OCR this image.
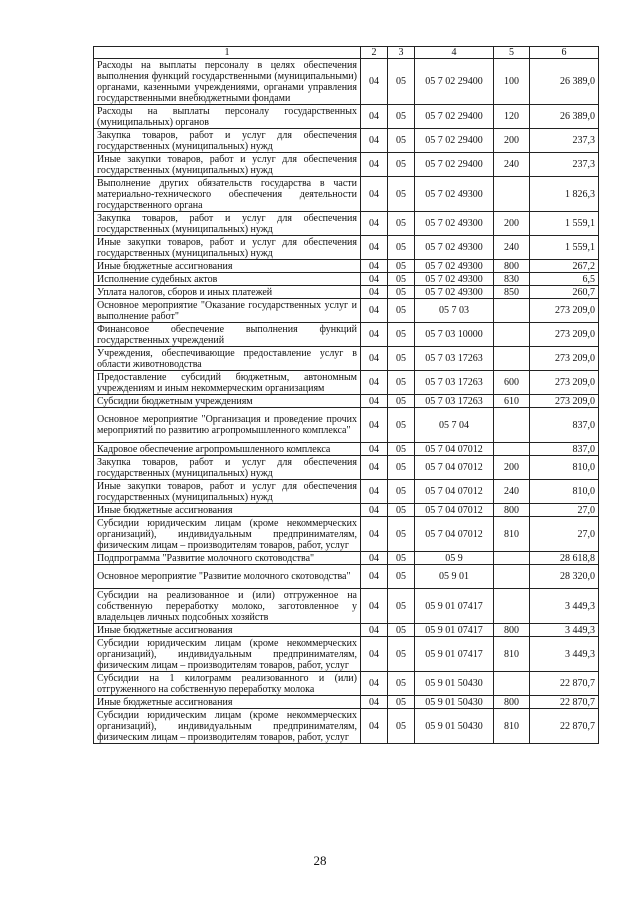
1	2	3	4	5	6
Расходы на выплаты персоналу в целях обеспечения выполнения функций государственными (муниципальными) органами, казенными учреждениями, органами управления государственными внебюджетными фондами	04	05	05 7 02 29400	100	26 389,0
Расходы на выплаты персоналу государственных (муниципальных) органов	04	05	05 7 02 29400	120	26 389,0
Закупка товаров, работ и услуг для обеспечения государственных (муниципальных) нужд	04	05	05 7 02 29400	200	237,3
Иные закупки товаров, работ и услуг для обеспечения государственных (муниципальных) нужд	04	05	05 7 02 29400	240	237,3
Выполнение других обязательств государства в части материально-технического обеспечения деятельности государственного органа	04	05	05 7 02 49300		1 826,3
Закупка товаров, работ и услуг для обеспечения государственных (муниципальных) нужд	04	05	05 7 02 49300	200	1 559,1
Иные закупки товаров, работ и услуг для обеспечения государственных (муниципальных) нужд	04	05	05 7 02 49300	240	1 559,1
Иные бюджетные ассигнования	04	05	05 7 02 49300	800	267,2
Исполнение судебных актов	04	05	05 7 02 49300	830	6,5
Уплата налогов, сборов и иных платежей	04	05	05 7 02 49300	850	260,7
Основное мероприятие "Оказание государственных услуг и выполнение работ"	04	05	05 7 03		273 209,0
Финансовое обеспечение выполнения функций государственных учреждений	04	05	05 7 03 10000		273 209,0
Учреждения, обеспечивающие предоставление услуг в области животноводства	04	05	05 7 03 17263		273 209,0
Предоставление субсидий бюджетным, автономным учреждениям и иным некоммерческим организациям	04	05	05 7 03 17263	600	273 209,0
Субсидии бюджетным учреждениям	04	05	05 7 03 17263	610	273 209,0
Основное мероприятие "Организация и проведение прочих мероприятий по развитию агропромышленного комплекса"	04	05	05 7 04		837,0
Кадровое обеспечение агропромышленного комплекса	04	05	05 7 04 07012		837,0
Закупка товаров, работ и услуг для обеспечения государственных (муниципальных) нужд	04	05	05 7 04 07012	200	810,0
Иные закупки товаров, работ и услуг для обеспечения государственных (муниципальных) нужд	04	05	05 7 04 07012	240	810,0
Иные бюджетные ассигнования	04	05	05 7 04 07012	800	27,0
Субсидии юридическим лицам (кроме некоммерческих организаций), индивидуальным предпринимателям, физическим лицам – производителям товаров, работ, услуг	04	05	05 7 04 07012	810	27,0
Подпрограмма "Развитие молочного скотоводства"	04	05	05 9		28 618,8
Основное мероприятие "Развитие молочного скотоводства"	04	05	05 9 01		28 320,0
Субсидии на реализованное и (или) отгруженное на собственную переработку молоко, заготовленное у владельцев личных подсобных хозяйств	04	05	05 9 01 07417		3 449,3
Иные бюджетные ассигнования	04	05	05 9 01 07417	800	3 449,3
Субсидии юридическим лицам (кроме некоммерческих организаций), индивидуальным предпринимателям, физическим лицам – производителям товаров, работ, услуг	04	05	05 9 01 07417	810	3 449,3
Субсидии на 1 килограмм реализованного и (или) отгруженного на собственную переработку молока	04	05	05 9 01 50430		22 870,7
Иные бюджетные ассигнования	04	05	05 9 01 50430	800	22 870,7
Субсидии юридическим лицам (кроме некоммерческих организаций), индивидуальным предпринимателям, физическим лицам – производителям товаров, работ, услуг	04	05	05 9 01 50430	810	22 870,7
28
